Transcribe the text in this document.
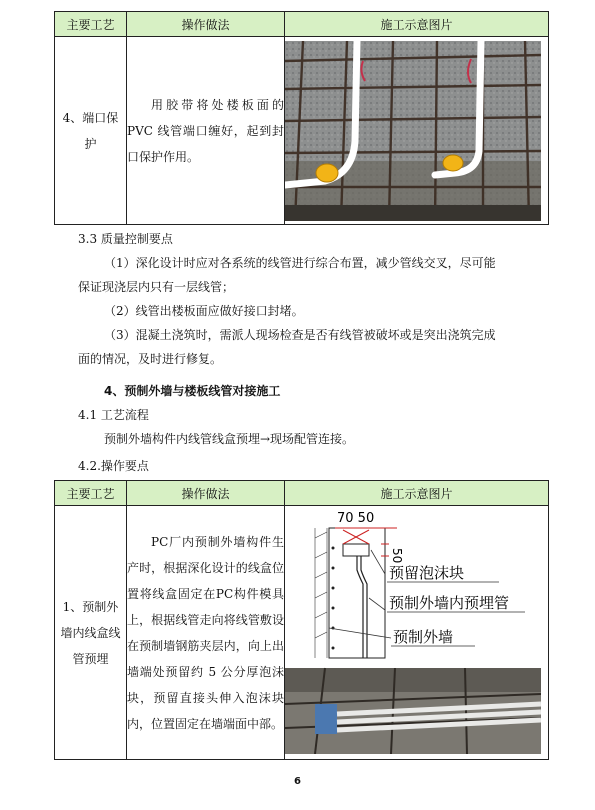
主要工艺	操作做法	施工示意图片

4、端口保护	用胶带将处楼板面的PVC 线管端口缠好，起到封口保护作用。

3.3 质量控制要点
（1）深化设计时应对各系统的线管进行综合布置，减少管线交叉，尽可能
保证现浇层内只有一层线管；
（2）线管出楼板面应做好接口封堵。
（3）混凝土浇筑时，需派人现场检查是否有线管被破坏或是突出浇筑完成
面的情况，及时进行修复。
4、预制外墙与楼板线管对接施工
4.1 工艺流程
预制外墙构件内线管线盒预埋→现场配管连接。
4.2.操作要点
主要工艺	操作做法	施工示意图片

1、预制外墙内线盒线管预埋	PC厂内预制外墙构件生产时，根据深化设计的线盒位置将线盒固定在PC构件模具上，根据线管走向将线管敷设在预制墙钢筋夹层内，向上出墙端处预留约 5 公分厚泡沫块，预留直接头伸入泡沫块内，位置固定在墙端面中部。	70 50
50
预留泡沫块
预制外墙内预埋管
预制外墙
6
